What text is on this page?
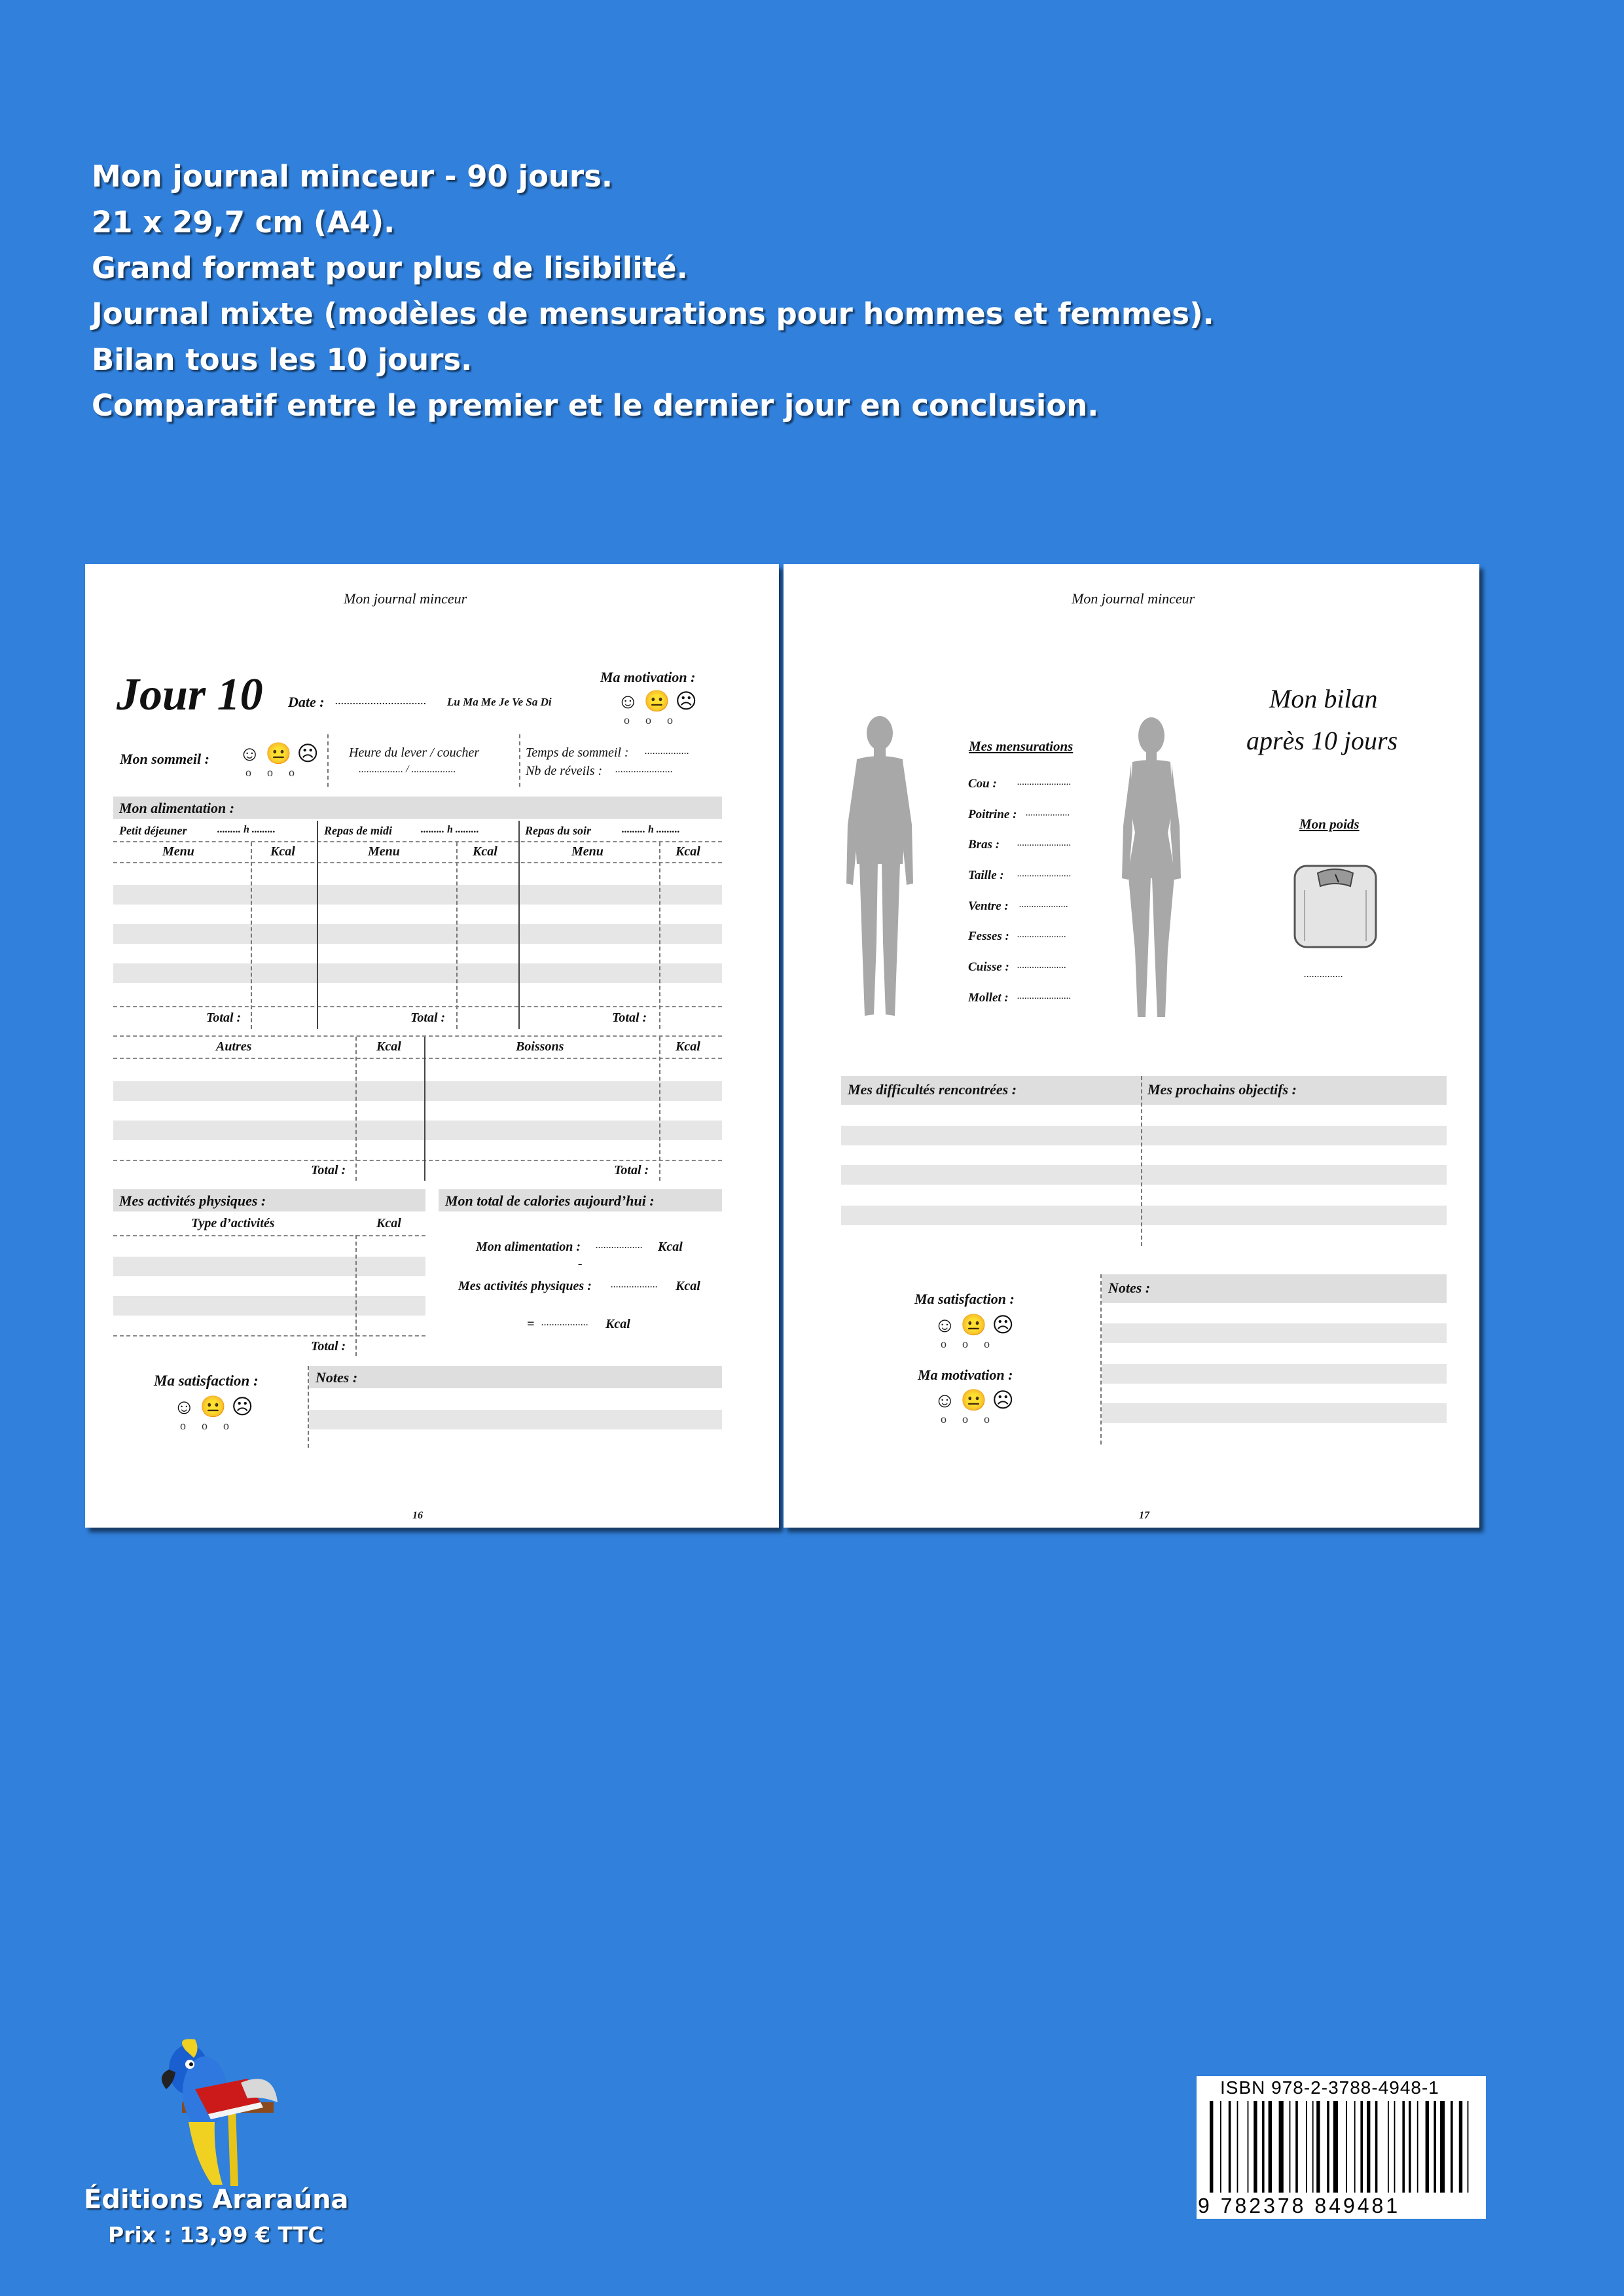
Mon journal minceur - 90 jours.
21 x 29,7 cm (A4).
Grand format pour plus de lisibilité.
Journal mixte (modèles de mensurations pour hommes et femmes).
Bilan tous les 10 jours.
Comparatif entre le premier et le dernier jour en conclusion.
Mon journal minceur
Jour 10 Date : ............................... Lu Ma Me Je Ve Sa Di
Ma motivation :
☺😐☹
ooo
Mon sommeil : ☺😐☹
ooo
Heure du lever / coucher
................. / .................
Temps de sommeil : .................
Nb de réveils : ......................
Mon alimentation :
Petit déjeuner	......... h .........	Repas de midi	......... h .........	Repas du soir	......... h .........
Menu	Kcal	Menu	Kcal	Menu	Kcal
Total :	Total :	Total :
Autres	Kcal	Boissons	Kcal
Total :	Total :
Mes activités physiques :
Type d’activités	Kcal
Total :
Mon total de calories aujourd’hui :
Mon alimentation : .................. Kcal
-
Mes activités physiques : .................. Kcal
= .................. Kcal
Ma satisfaction :
☺😐☹
ooo
Notes :
16
Mon journal minceur
Mon bilan
après 10 jours
Mes mensurations
Cou : ......................
Poitrine : ..................
Bras : ......................
Taille : ......................
Ventre : ....................
Fesses : ....................
Cuisse : ....................
Mollet : ......................
Mon poids
...............
Mes difficultés rencontrées :	Mes prochains objectifs :
Ma satisfaction :
☺😐☹
ooo
Ma motivation :
☺😐☹
ooo
Notes :
17
Éditions Araraúna
Prix : 13,99 € TTC
ISBN 978-2-3788-4948-1
9 782378 849481
